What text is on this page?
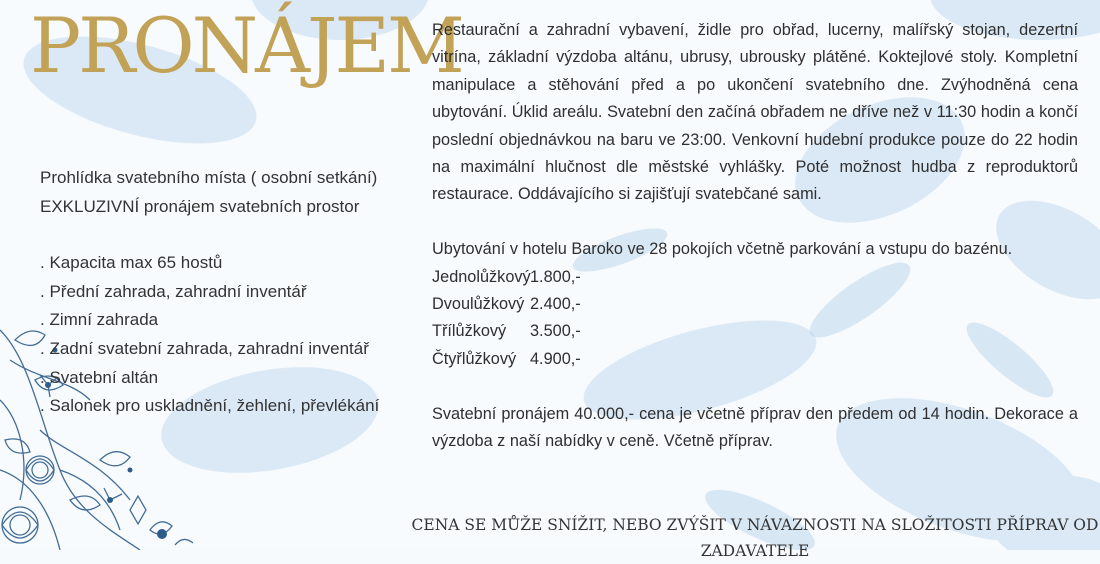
PRONÁJEM

Prohlídka svatebního místa ( osobní setkání)

EXKLUZIVNÍ pronájem svatebních prostor

. Kapacita max 65 hostů
. Přední zahrada, zahradní inventář
. Zimní zahrada
. Zadní svatební zahrada, zahradní inventář
. Svatební altán
. Salonek pro uskladnění, žehlení, převlékání

Restaurační a zahradní vybavení, židle pro obřad, lucerny, malířský stojan, dezertní vitrína, základní výzdoba altánu, ubrusy, ubrousky plátěné. Koktejlové stoly. Kompletní manipulace a stěhování před a po ukončení svatebního dne. Zvýhodněná cena ubytování. Úklid areálu. Svatební den začíná obřadem ne dříve než v 11:30 hodin a končí poslední objednávkou na baru ve 23:00. Venkovní hudební produkce pouze do 22 hodin na maximální hlučnost dle městské vyhlášky. Poté možnost hudba z reproduktorů restaurace. Oddávajícího si zajišťují svatebčané sami.

Ubytování v hotelu Baroko ve 28 pokojích včetně parkování a vstupu do bazénu.

Jednolůžkový 1.800,-
Dvoulůžkový 2.400,-
Třílůžkový	3.500,-
Čtyřlůžkový 4.900,-

Svatební pronájem 40.000,- cena je včetně příprav den předem od 14 hodin. Dekorace a výzdoba z naší nabídky v ceně. Včetně příprav.

CENA SE MŮŽE SNÍŽIT, NEBO ZVÝŠIT V NÁVAZNOSTI NA SLOŽITOSTI PŘÍPRAV OD ZADAVATELE
